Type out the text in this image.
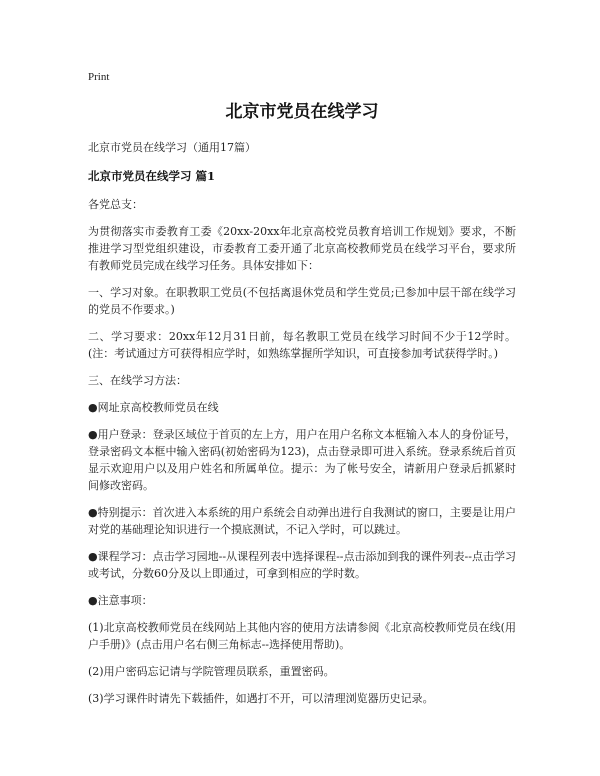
Print
北京市党员在线学习
北京市党员在线学习（通用17篇）
北京市党员在线学习 篇1

各党总支：

为贯彻落实市委教育工委《20xx-20xx年北京高校党员教育培训工作规划》要求，不断推进学习型党组织建设，市委教育工委开通了北京高校教师党员在线学习平台，要求所有教师党员完成在线学习任务。具体安排如下：

一、学习对象。在职教职工党员(不包括离退休党员和学生党员;已参加中层干部在线学习的党员不作要求。)

二、学习要求：20xx年12月31日前，每名教职工党员在线学习时间不少于12学时。(注：考试通过方可获得相应学时，如熟练掌握所学知识，可直接参加考试获得学时。)

三、在线学习方法：

●网址京高校教师党员在线

●用户登录：登录区域位于首页的左上方，用户在用户名称文本框输入本人的身份证号，登录密码文本框中输入密码(初始密码为123)，点击登录即可进入系统。登录系统后首页显示欢迎用户以及用户姓名和所属单位。提示：为了帐号安全，请新用户登录后抓紧时间修改密码。

●特别提示：首次进入本系统的用户系统会自动弹出进行自我测试的窗口，主要是让用户对党的基础理论知识进行一个摸底测试，不记入学时，可以跳过。

●课程学习：点击学习园地--从课程列表中选择课程--点击添加到我的课件列表--点击学习或考试，分数60分及以上即通过，可拿到相应的学时数。

●注意事项：

(1)北京高校教师党员在线网站上其他内容的使用方法请参阅《北京高校教师党员在线(用户手册)》(点击用户名右侧三角标志--选择使用帮助)。

(2)用户密码忘记请与学院管理员联系，重置密码。

(3)学习课件时请先下载插件，如遇打不开，可以清理浏览器历史记录。
